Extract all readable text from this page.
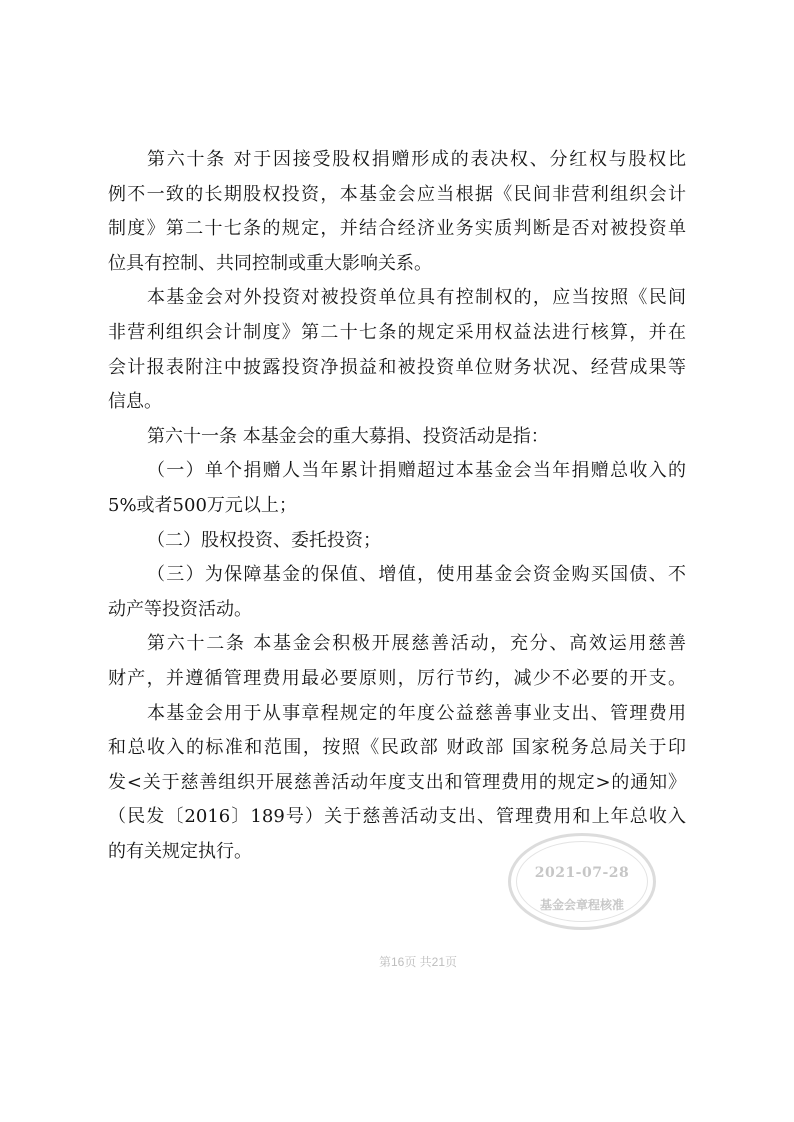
第六十条 对于因接受股权捐赠形成的表决权、分红权与股权比
例不一致的长期股权投资，本基金会应当根据《民间非营利组织会计
制度》第二十七条的规定，并结合经济业务实质判断是否对被投资单
位具有控制、共同控制或重大影响关系。
本基金会对外投资对被投资单位具有控制权的，应当按照《民间
非营利组织会计制度》第二十七条的规定采用权益法进行核算，并在
会计报表附注中披露投资净损益和被投资单位财务状况、经营成果等
信息。
第六十一条 本基金会的重大募捐、投资活动是指：
（一）单个捐赠人当年累计捐赠超过本基金会当年捐赠总收入的
5%或者500万元以上；
（二）股权投资、委托投资；
（三）为保障基金的保值、增值，使用基金会资金购买国债、不
动产等投资活动。
第六十二条 本基金会积极开展慈善活动，充分、高效运用慈善
财产，并遵循管理费用最必要原则，厉行节约，减少不必要的开支。
本基金会用于从事章程规定的年度公益慈善事业支出、管理费用
和总收入的标准和范围，按照《民政部 财政部 国家税务总局关于印
发<关于慈善组织开展慈善活动年度支出和管理费用的规定>的通知》
（民发〔2016〕189号）关于慈善活动支出、管理费用和上年总收入
的有关规定执行。
2021-07-28
基金会章程核准
第16页 共21页
